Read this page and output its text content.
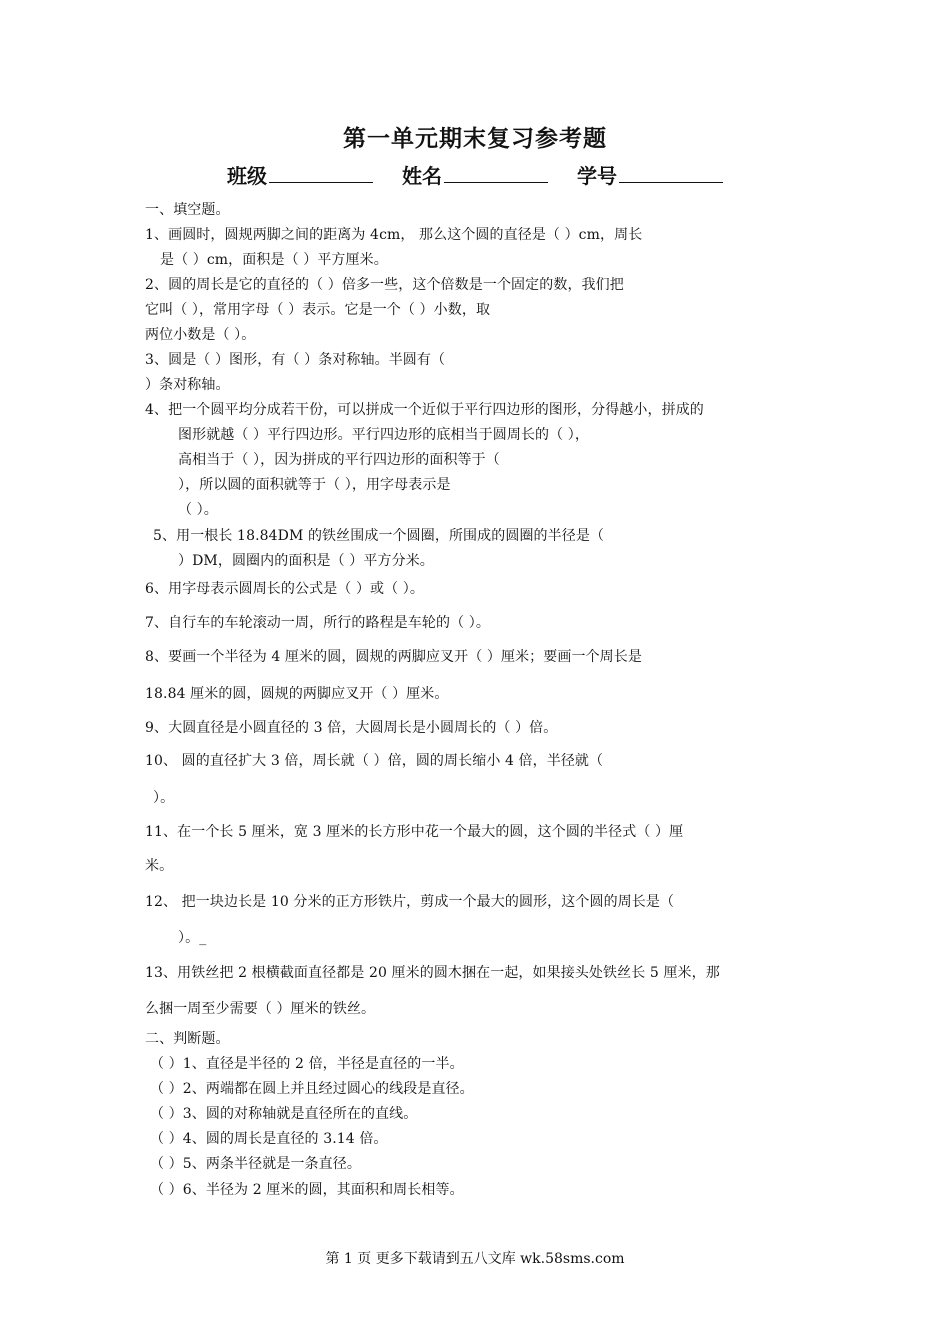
第一单元期末复习参考题
班级	姓名	学号
一、填空题。
1、画圆时，圆规两脚之间的距离为 4cm， 那么这个圆的直径是（ ）cm，周长
是（ ）cm，面积是（ ）平方厘米。
2、圆的周长是它的直径的（ ）倍多一些，这个倍数是一个固定的数，我们把
它叫（ ），常用字母（ ）表示。它是一个（ ）小数，取
两位小数是（ ）。
3、圆是（ ）图形，有（ ）条对称轴。半圆有（
）条对称轴。
4、把一个圆平均分成若干份，可以拼成一个近似于平行四边形的图形，分得越小，拼成的
图形就越（ ）平行四边形。平行四边形的底相当于圆周长的（ ），
高相当于（ ），因为拼成的平行四边形的面积等于（
），所以圆的面积就等于（ ），用字母表示是
（ ）。
5、用一根长 18.84DM 的铁丝围成一个圆圈，所围成的圆圈的半径是（
）DM，圆圈内的面积是（ ）平方分米。
6、用字母表示圆周长的公式是（ ）或（ ）。
7、自行车的车轮滚动一周，所行的路程是车轮的（ ）。
8、要画一个半径为 4 厘米的圆，圆规的两脚应叉开（ ）厘米；要画一个周长是
18.84 厘米的圆，圆规的两脚应叉开（ ）厘米。
9、大圆直径是小圆直径的 3 倍，大圆周长是小圆周长的（ ）倍。
10、 圆的直径扩大 3 倍，周长就（ ）倍，圆的周长缩小 4 倍，半径就（
）。
11、在一个长 5 厘米，宽 3 厘米的长方形中花一个最大的圆，这个圆的半径式（ ）厘
米。
12、 把一块边长是 10 分米的正方形铁片，剪成一个最大的圆形，这个圆的周长是（
）。_
13、用铁丝把 2 根横截面直径都是 20 厘米的圆木捆在一起，如果接头处铁丝长 5 厘米，那
么捆一周至少需要（ ）厘米的铁丝。
二、判断题。
（ ）1、直径是半径的 2 倍，半径是直径的一半。
（ ）2、两端都在圆上并且经过圆心的线段是直径。
（ ）3、圆的对称轴就是直径所在的直线。
（ ）4、圆的周长是直径的 3.14 倍。
（ ）5、两条半径就是一条直径。
（ ）6、半径为 2 厘米的圆，其面积和周长相等。
第 1 页 更多下载请到五八文库 wk.58sms.com
